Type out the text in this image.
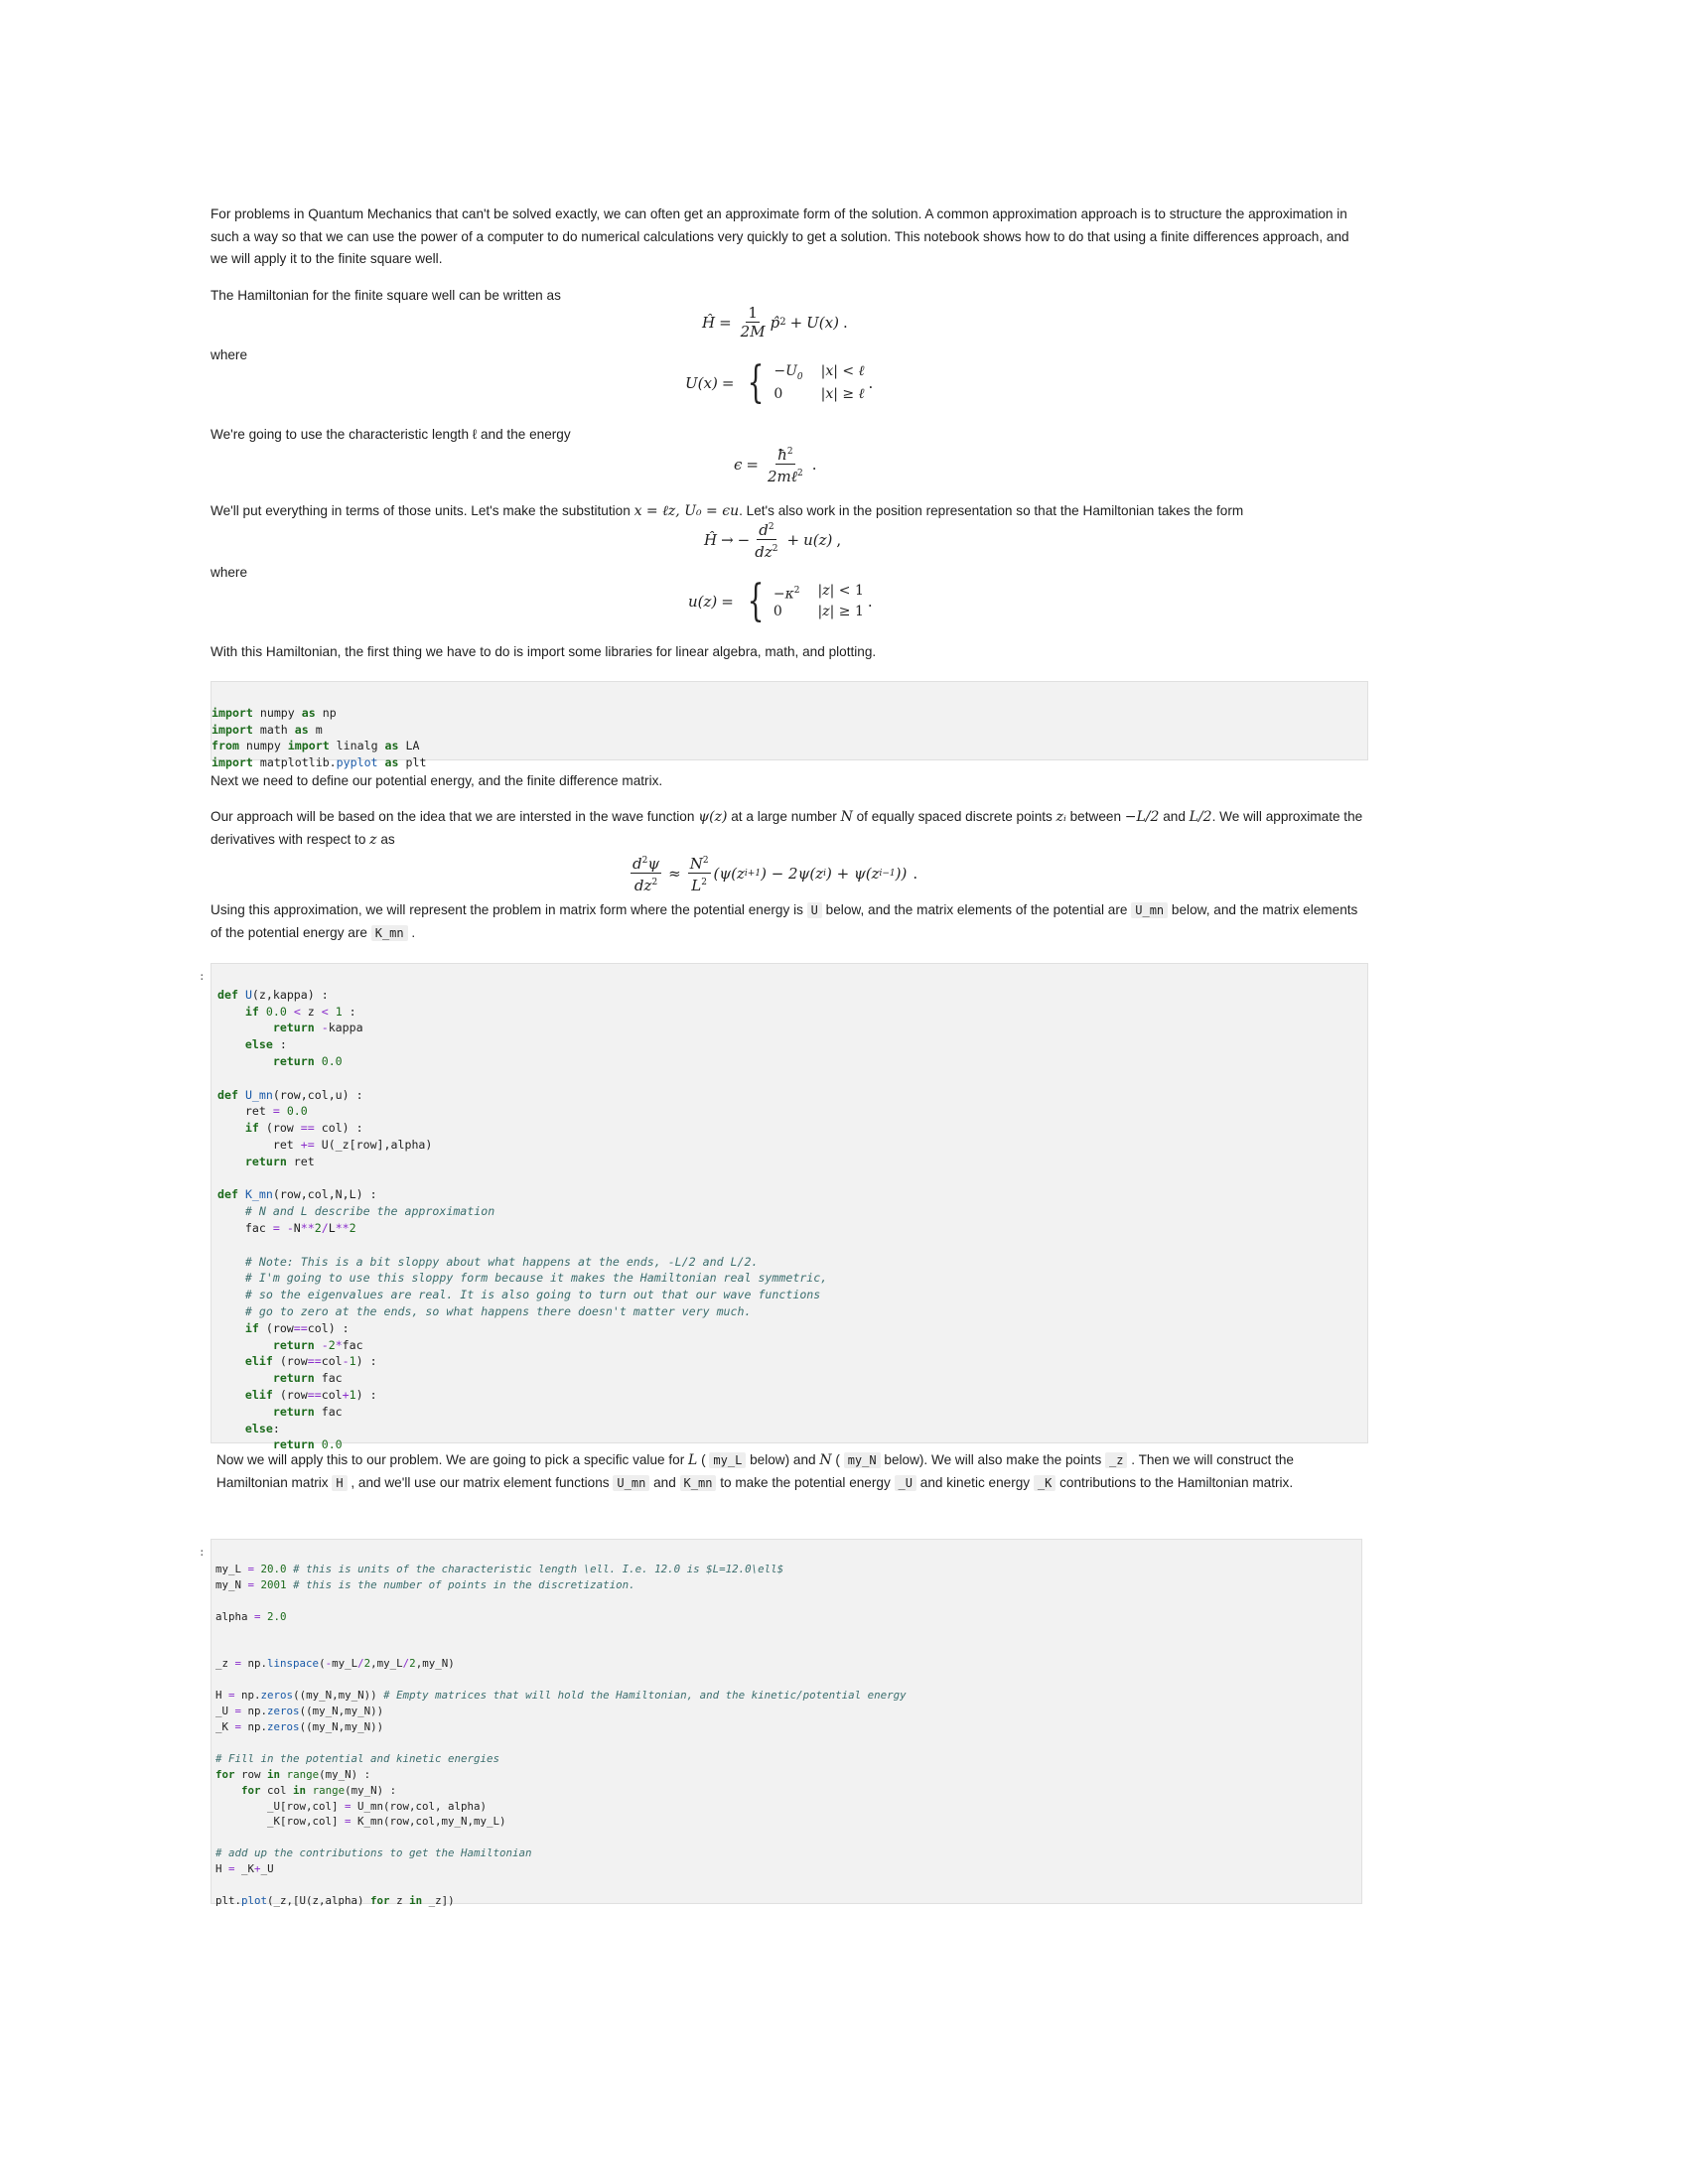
For problems in Quantum Mechanics that can't be solved exactly, we can often get an approximate form of the solution. A common approximation approach is to structure the approximation in such a way so that we can use the power of a computer to do numerical calculations very quickly to get a solution. This notebook shows how to do that using a finite differences approach, and we will apply it to the finite square well.
The Hamiltonian for the finite square well can be written as
Ĥ = $\frac{1}{2M}$ p̂ 2 + U(x) .
where
U(x) = { $-U_0$ |x| < ℓ
0	|x| ≥ ℓ
.
We're going to use the characteristic length ℓ and the energy
$\epsilon = \frac{ħ^2}{2m\ell^2}$ .
We'll put everything in terms of those units. Let's make the substitution x = ℓz, U₀ = ϵu. Let's also work in the position representation so that the Hamiltonian takes the form
Ĥ → − $\frac{d^2}{dz^2} + u(z)$ ,
where
u(z) = { $-\kappa^2$ |z| < 1
0	|z| ≥ 1
.
With this Hamiltonian, the first thing we have to do is import some libraries for linear algebra, math, and plotting.

import numpy as np
import math as m
from numpy import linalg as LA
import matplotlib.pyplot as plt
Next we need to define our potential energy, and the finite difference matrix.
Our approach will be based on the idea that we are intersted in the wave function ψ(z) at a large number N of equally spaced discrete points zᵢ between −L/2 and L/2. We will approximate the derivatives with respect to z as
$\frac{d^2\psi}{dz^2} \approx \frac{N^2}{L^2} (\psi(z$ i+1 ) − 2ψ(z i ) + ψ(z i−1 )) .
Using this approximation, we will represent the problem in matrix form where the potential energy is U below, and the matrix elements of the potential are U_mn below, and the matrix elements of the potential energy are K_mn .
:

def U(z,kappa) :
if 0.0 < z < 1 :
return -kappa
else :
return 0.0

def U_mn(row,col,u) :
ret = 0.0
if (row == col) :
ret += U(_z[row],alpha)
return ret

def K_mn(row,col,N,L) :
# N and L describe the approximation
fac = -N**2/L**2

# Note: This is a bit sloppy about what happens at the ends, -L/2 and L/2.
# I'm going to use this sloppy form because it makes the Hamiltonian real symmetric,
# so the eigenvalues are real. It is also going to turn out that our wave functions
# go to zero at the ends, so what happens there doesn't matter very much.
if (row==col) :
return -2*fac
elif (row==col-1) :
return fac
elif (row==col+1) :
return fac
else:
return 0.0
Now we will apply this to our problem. We are going to pick a specific value for L ( my_L below) and N ( my_N below). We will also make the points _z . Then we will construct the Hamiltonian matrix H , and we'll use our matrix element functions U_mn and K_mn to make the potential energy _U and kinetic energy _K contributions to the Hamiltonian matrix.
:

my_L = 20.0 # this is units of the characteristic length \ell. I.e. 12.0 is $L=12.0\ell$
my_N = 2001 # this is the number of points in the discretization.

alpha = 2.0

_z = np.linspace(-my_L/2,my_L/2,my_N)

H = np.zeros((my_N,my_N)) # Empty matrices that will hold the Hamiltonian, and the kinetic/potential energy
_U = np.zeros((my_N,my_N))
_K = np.zeros((my_N,my_N))

# Fill in the potential and kinetic energies
for row in range(my_N) :
for col in range(my_N) :
_U[row,col] = U_mn(row,col, alpha)
_K[row,col] = K_mn(row,col,my_N,my_L)

# add up the contributions to get the Hamiltonian
H = _K+_U

plt.plot(_z,[U(z,alpha) for z in _z])
